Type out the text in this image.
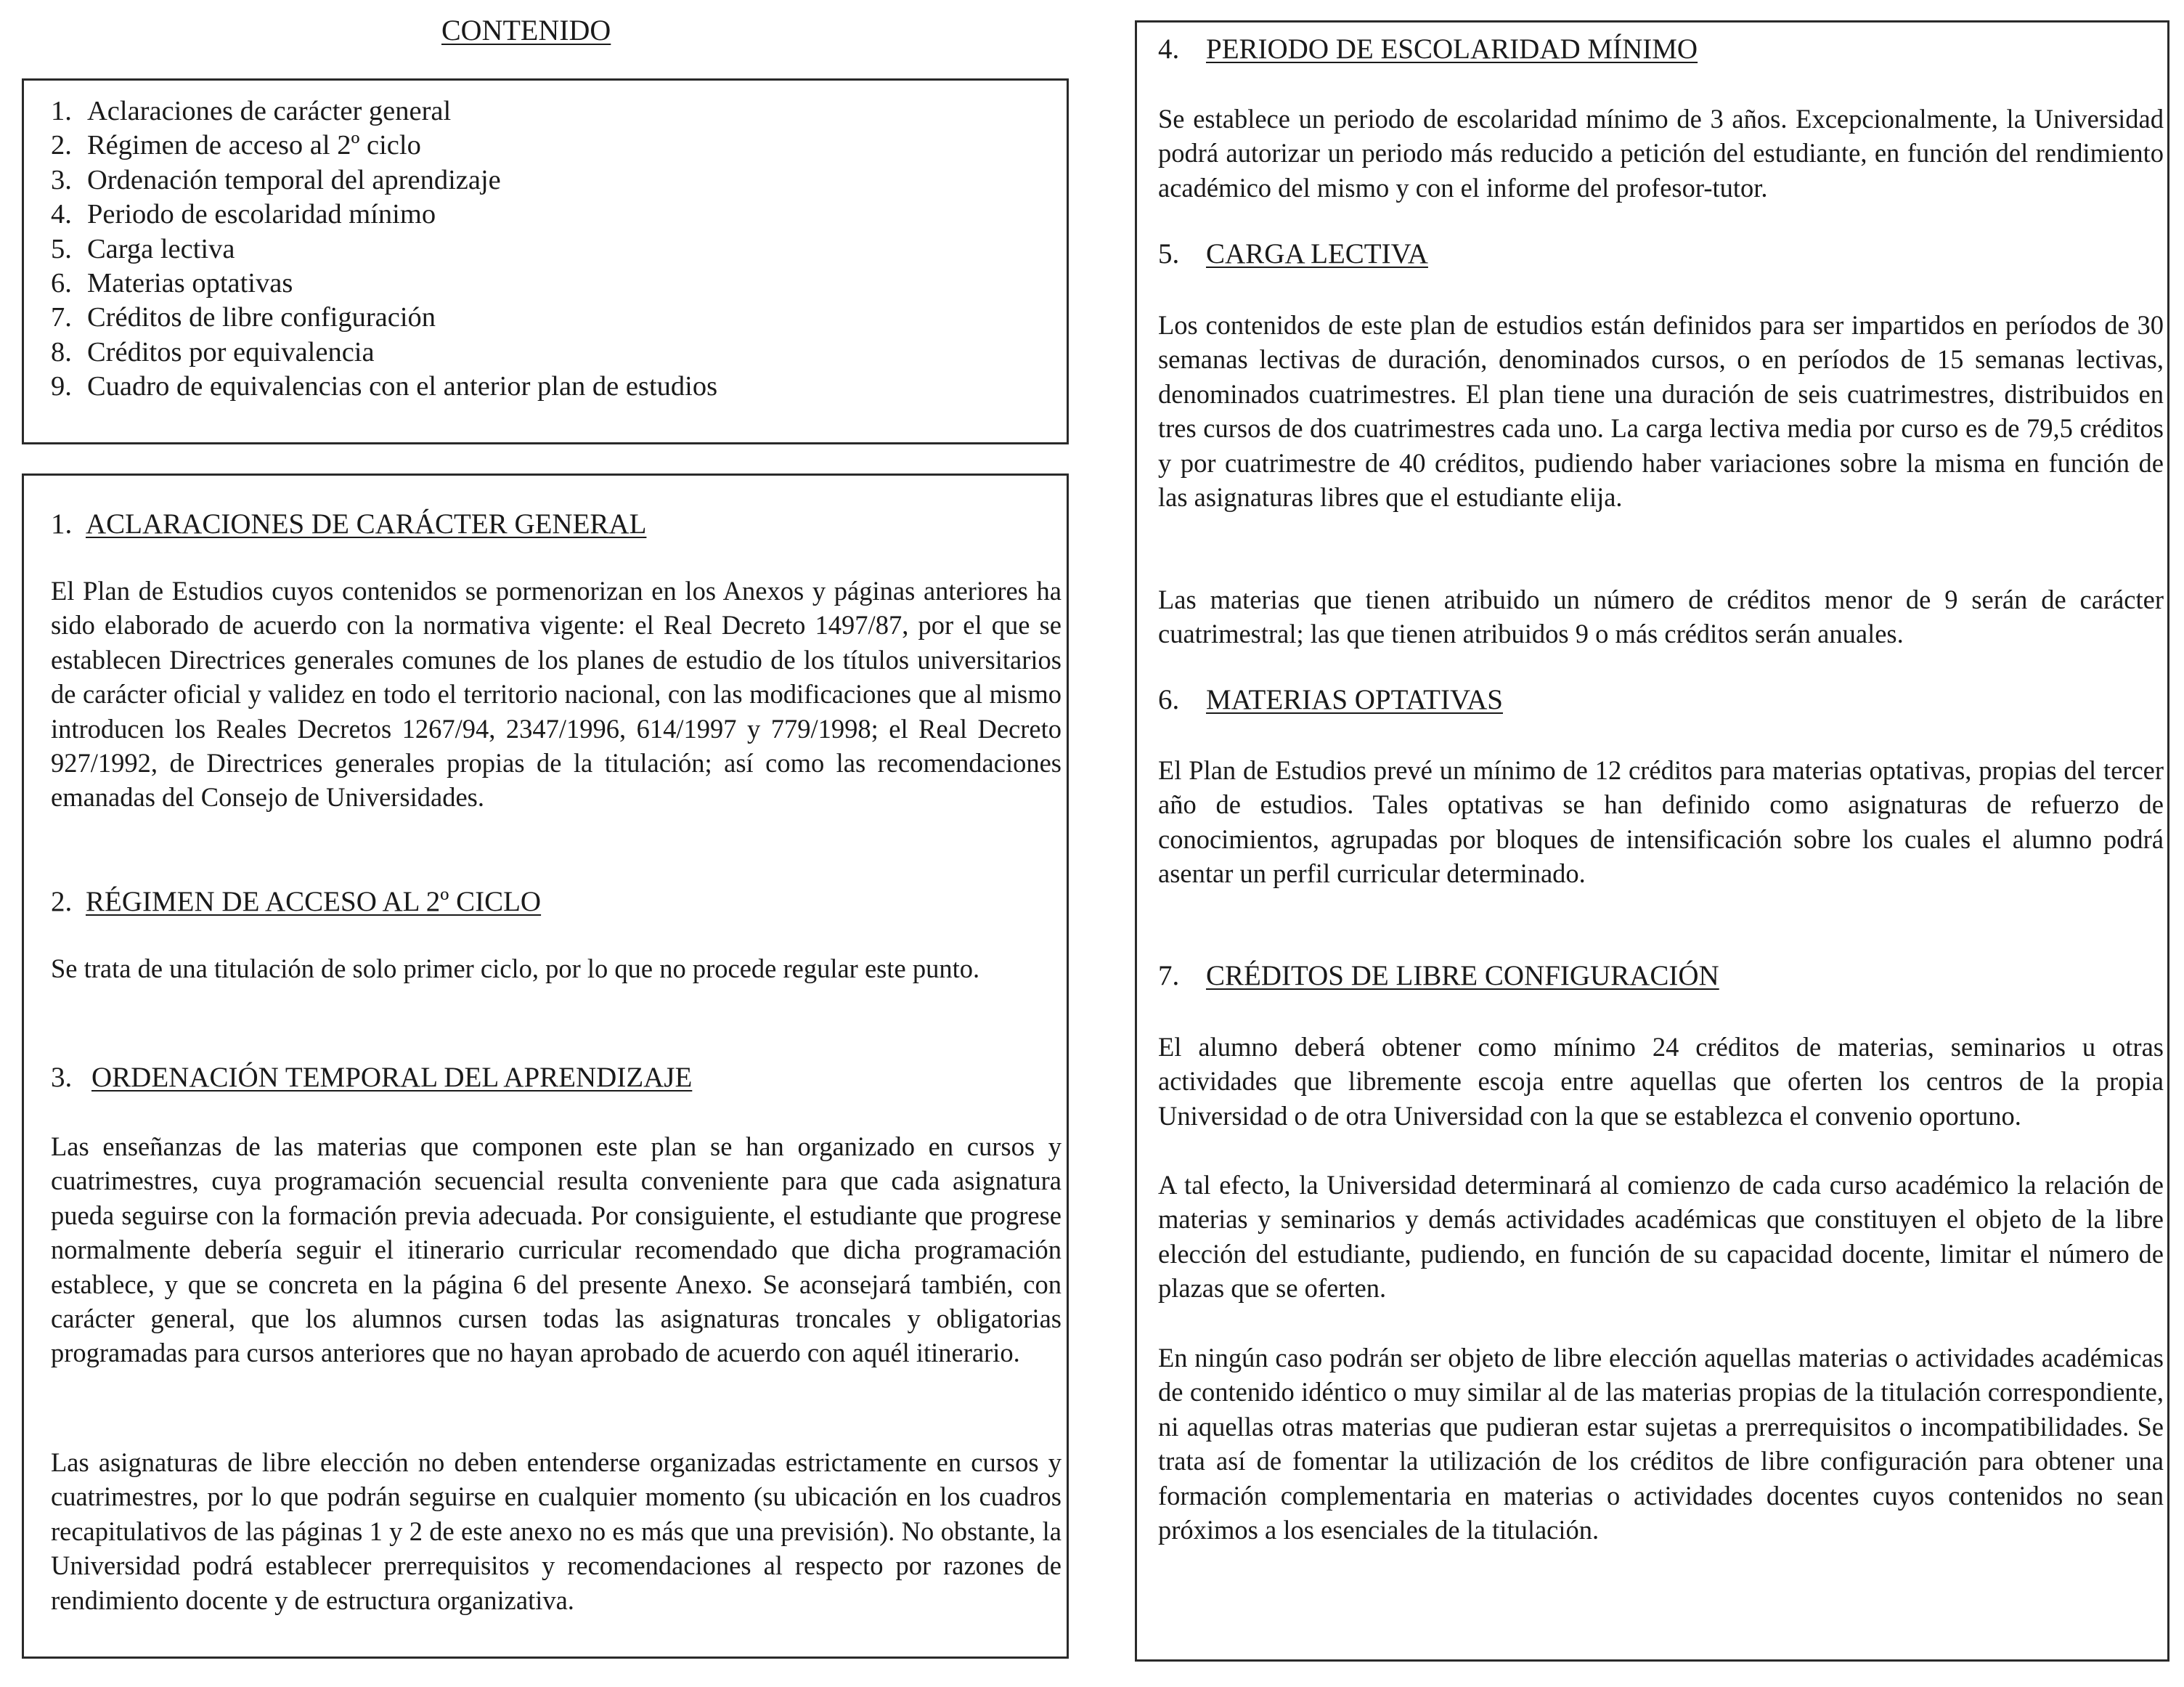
CONTENIDO
1. Aclaraciones de carácter general
2. Régimen de acceso al 2º ciclo
3. Ordenación temporal del aprendizaje
4. Periodo de escolaridad mínimo
5. Carga lectiva
6. Materias optativas
7. Créditos de libre configuración
8. Créditos por equivalencia
9. Cuadro de equivalencias con el anterior plan de estudios
1. ACLARACIONES DE CARÁCTER GENERAL

El Plan de Estudios cuyos contenidos se pormenorizan en los Anexos y páginas anteriores ha sido elaborado de acuerdo con la normativa vigente: el Real Decreto 1497/87, por el que se establecen Directrices generales comunes de los planes de estudio de los títulos universitarios de carácter oficial y validez en todo el territorio nacional, con las modificaciones que al mismo introducen los Reales Decretos 1267/94, 2347/1996, 614/1997 y 779/1998; el Real Decreto 927/1992, de Directrices generales propias de la titulación; así como las recomendaciones emanadas del Consejo de Universidades.

2. RÉGIMEN DE ACCESO AL 2º CICLO

Se trata de una titulación de solo primer ciclo, por lo que no procede regular este punto.

3. ORDENACIÓN TEMPORAL DEL APRENDIZAJE

Las enseñanzas de las materias que componen este plan se han organizado en cursos y cuatrimestres, cuya programación secuencial resulta conveniente para que cada asignatura pueda seguirse con la formación previa adecuada. Por consiguiente, el estudiante que progrese normalmente debería seguir el itinerario curricular recomendado que dicha programación establece, y que se concreta en la página 6 del presente Anexo. Se aconsejará también, con carácter general, que los alumnos cursen todas las asignaturas troncales y obligatorias programadas para cursos anteriores que no hayan aprobado de acuerdo con aquél itinerario.

Las asignaturas de libre elección no deben entenderse organizadas estrictamente en cursos y cuatrimestres, por lo que podrán seguirse en cualquier momento (su ubicación en los cuadros recapitulativos de las páginas 1 y 2 de este anexo no es más que una previsión). No obstante, la Universidad podrá establecer prerrequisitos y recomendaciones al respecto por razones de rendimiento docente y de estructura organizativa.

4. PERIODO DE ESCOLARIDAD MÍNIMO

Se establece un periodo de escolaridad mínimo de 3 años. Excepcionalmente, la Universidad podrá autorizar un periodo más reducido a petición del estudiante, en función del rendimiento académico del mismo y con el informe del profesor-tutor.

5. CARGA LECTIVA

Los contenidos de este plan de estudios están definidos para ser impartidos en períodos de 30 semanas lectivas de duración, denominados cursos, o en períodos de 15 semanas lectivas, denominados cuatrimestres. El plan tiene una duración de seis cuatrimestres, distribuidos en tres cursos de dos cuatrimestres cada uno. La carga lectiva media por curso es de 79,5 créditos y por cuatrimestre de 40 créditos, pudiendo haber variaciones sobre la misma en función de las asignaturas libres que el estudiante elija.

Las materias que tienen atribuido un número de créditos menor de 9 serán de carácter cuatrimestral; las que tienen atribuidos 9 o más créditos serán anuales.

6. MATERIAS OPTATIVAS

El Plan de Estudios prevé un mínimo de 12 créditos para materias optativas, propias del tercer año de estudios. Tales optativas se han definido como asignaturas de refuerzo de conocimientos, agrupadas por bloques de intensificación sobre los cuales el alumno podrá asentar un perfil curricular determinado.

7. CRÉDITOS DE LIBRE CONFIGURACIÓN

El alumno deberá obtener como mínimo 24 créditos de materias, seminarios u otras actividades que libremente escoja entre aquellas que oferten los centros de la propia Universidad o de otra Universidad con la que se establezca el convenio oportuno.

A tal efecto, la Universidad determinará al comienzo de cada curso académico la relación de materias y seminarios y demás actividades académicas que constituyen el objeto de la libre elección del estudiante, pudiendo, en función de su capacidad docente, limitar el número de plazas que se oferten.

En ningún caso podrán ser objeto de libre elección aquellas materias o actividades académicas de contenido idéntico o muy similar al de las materias propias de la titulación correspondiente, ni aquellas otras materias que pudieran estar sujetas a prerrequisitos o incompatibilidades. Se trata así de fomentar la utilización de los créditos de libre configuración para obtener una formación complementaria en materias o actividades docentes cuyos contenidos no sean próximos a los esenciales de la titulación.
